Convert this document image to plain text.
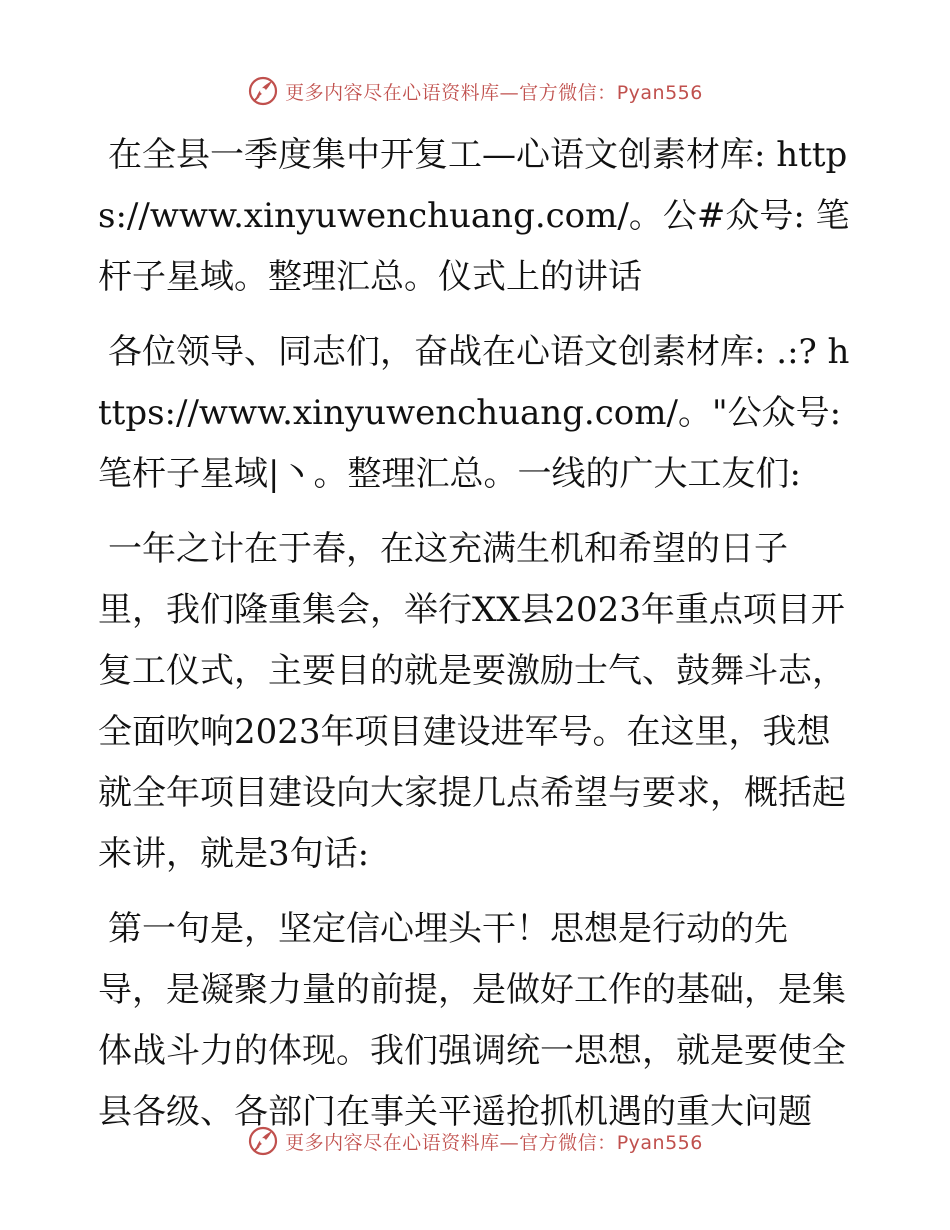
更多内容尽在心语资料库—官方微信：Pyan556

在全县一季度集中开复工—心语文创素材库: https://www.xinyuwenchuang.com/。公#众号: 笔杆子星域。整理汇总。仪式上的讲话

各位领导、同志们，奋战在心语文创素材库: .:? https://www.xinyuwenchuang.com/。"公众号: 笔杆子星域|丶。整理汇总。一线的广大工友们:

一年之计在于春，在这充满生机和希望的日子里，我们隆重集会，举行XX县2023年重点项目开复工仪式，主要目的就是要激励士气、鼓舞斗志，全面吹响2023年项目建设进军号。在这里，我想就全年项目建设向大家提几点希望与要求，概括起来讲，就是3句话:

第一句是，坚定信心埋头干！思想是行动的先导，是凝聚力量的前提，是做好工作的基础，是集体战斗力的体现。我们强调统一思想，就是要使全县各级、各部门在事关平遥抢抓机遇的重大问题

更多内容尽在心语资料库—官方微信：Pyan556
